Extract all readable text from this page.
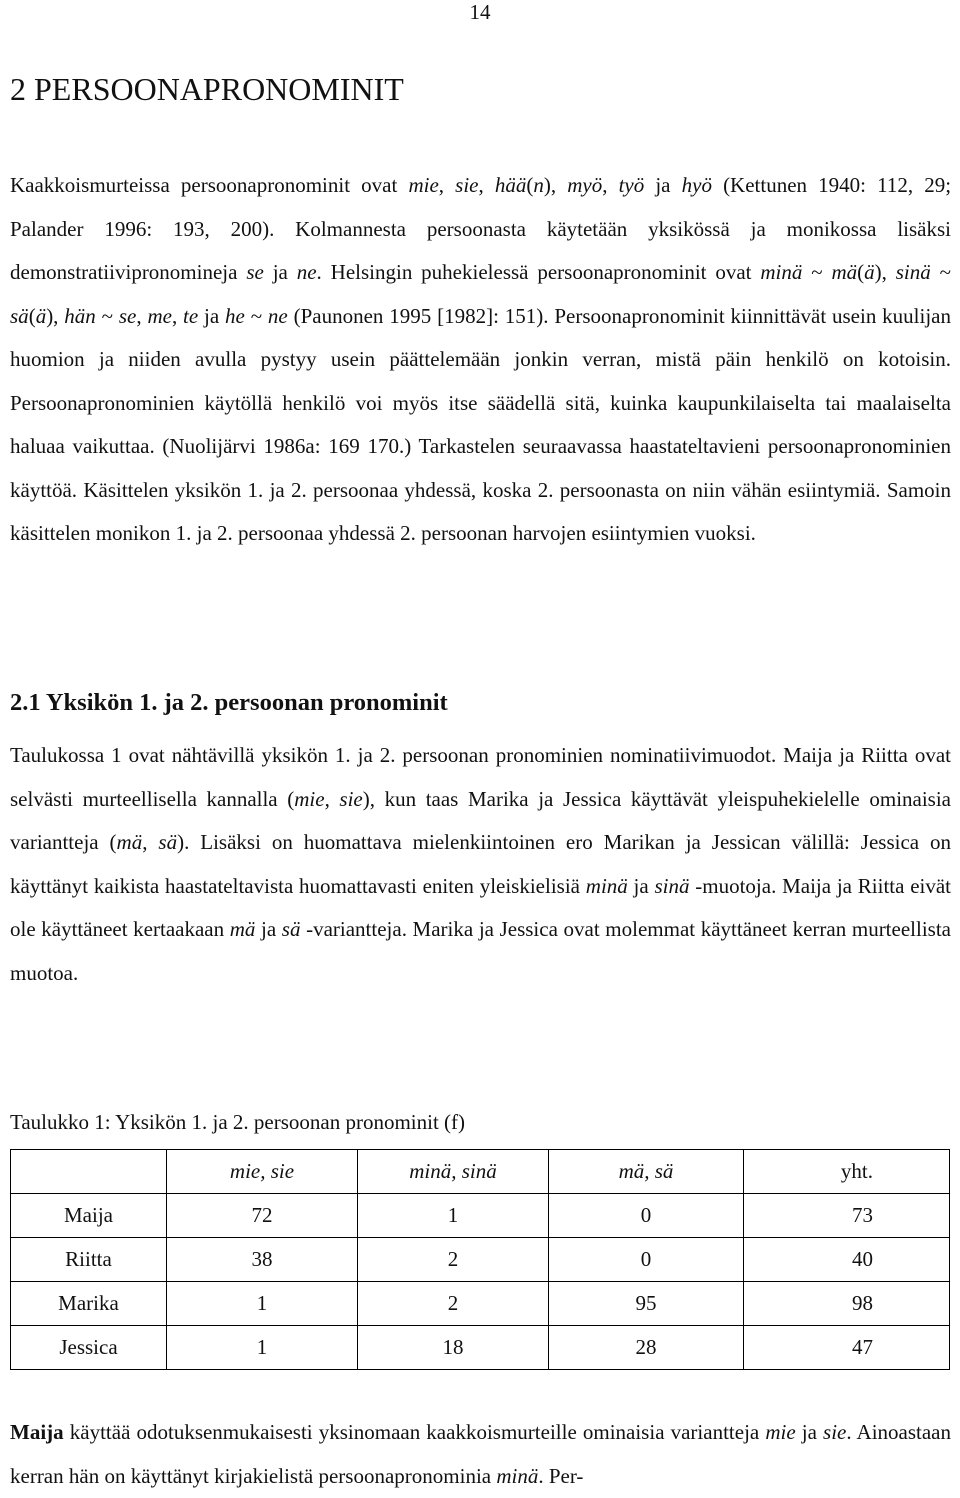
14
2 PERSOONAPRONOMINIT

Kaakkoismurteissa persoonapronominit ovat mie, sie, hää(n), myö, työ ja hyö (Kettunen 1940: 112, 29; Palander 1996: 193, 200). Kolmannesta persoonasta käytetään yksikössä ja monikossa lisäksi demonstratiivipronomineja se ja ne. Helsingin puhekielessä persoonapronominit ovat minä ~ mä(ä), sinä ~ sä(ä), hän ~ se, me, te ja he ~ ne (Paunonen 1995 [1982]: 151). Persoonapronominit kiinnittävät usein kuulijan huomion ja niiden avulla pystyy usein päättelemään jonkin verran, mistä päin henkilö on kotoisin. Persoonapronominien käytöllä henkilö voi myös itse säädellä sitä, kuinka kaupunkilaiselta tai maalaiselta haluaa vaikuttaa. (Nuolijärvi 1986a: 169 170.) Tarkastelen seuraavassa haastateltavieni persoonapronominien käyttöä. Käsittelen yksikön 1. ja 2. persoonaa yhdessä, koska 2. persoonasta on niin vähän esiintymiä. Samoin käsittelen monikon 1. ja 2. persoonaa yhdessä 2. persoonan harvojen esiintymien vuoksi.

2.1 Yksikön 1. ja 2. persoonan pronominit

Taulukossa 1 ovat nähtävillä yksikön 1. ja 2. persoonan pronominien nominatiivimuodot. Maija ja Riitta ovat selvästi murteellisella kannalla (mie, sie), kun taas Marika ja Jessica käyttävät yleispuhekielelle ominaisia variantteja (mä, sä). Lisäksi on huomattava mielenkiintoinen ero Marikan ja Jessican välillä: Jessica on käyttänyt kaikista haastateltavista huomattavasti eniten yleiskielisiä minä ja sinä -muotoja. Maija ja Riitta eivät ole käyttäneet kertaakaan mä ja sä -variantteja. Marika ja Jessica ovat molemmat käyttäneet kerran murteellista muotoa.

Taulukko 1: Yksikön 1. ja 2. persoonan pronominit (f)

	mie, sie	minä, sinä	mä, sä	yht.
Maija	72	1	0	73
Riitta	38	2	0	40
Marika	1	2	95	98
Jessica	1	18	28	47

Maija käyttää odotuksenmukaisesti yksinomaan kaakkoismurteille ominaisia variantteja mie ja sie. Ainoastaan kerran hän on käyttänyt kirjakielistä persoonapronominia minä. Per-
